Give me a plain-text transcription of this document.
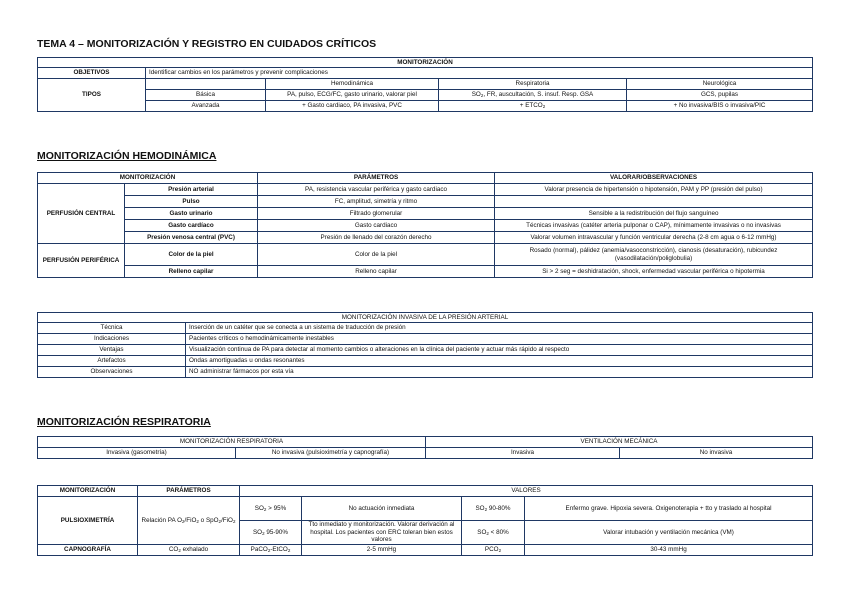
TEMA 4 – MONITORIZACIÓN Y REGISTRO EN CUIDADOS CRÍTICOS
MONITORIZACIÓN				
OBJETIVOS	Identificar cambios en los parámetros y prevenir complicaciones			
TIPOS		Hemodinámica	Respiratoria	Neurológica
	Básica	PA, pulso, ECG/FC, gasto urinario, valorar piel	$SO_2$, FR, auscultación, S. insuf. Resp. GSA	GCS, pupilas
	Avanzada	+ Gasto cardiaco, PA invasiva, PVC	+ $ETCO_2$	+ No invasiva/BIS o invasiva/PIC
MONITORIZACIÓN HEMODINÁMICA
MONITORIZACIÓN		PARÁMETROS	VALORAR/OBSERVACIONES
PERFUSIÓN CENTRAL	Presión arterial	PA, resistencia vascular periférica y gasto cardiaco	Valorar presencia de hipertensión o hipotensión, PAM y PP (presión del pulso)
	Pulso	FC, amplitud, simetría y ritmo	
	Gasto urinario	Filtrado glomerular	Sensible a la redistribución del flujo sanguíneo
	Gasto cardíaco	Gasto cardiaco	Técnicas invasivas (catéter arteria pulponar o CAP), mínimamente invasivas o no invasivas
	Presión venosa central (PVC)	Presión de llenado del corazón derecho	Valorar volumen intravascular y función ventricular derecha (2-8 cm agua o 6-12 mmHg)
PERFUSIÓN PERIFÉRICA	Color de la piel	Color de la piel	Rosado (normal), pálidez (anemia/vasoconstricción), cianosis (desaturación), rubicundez (vasodilatación/poliglobulia)
	Relleno capilar	Relleno capilar	Si > 2 seg = deshidratación, shock, enfermedad vascular periférica o hipotermia
MONITORIZACIÓN INVASIVA DE LA PRESIÓN ARTERIAL	
Técnica	Inserción de un catéter que se conecta a un sistema de traducción de presión
Indicaciones	Pacientes críticos o hemodinámicamente inestables
Ventajas	Visualización continua de PA para detectar al momento cambios o alteraciones en la clínica del paciente y actuar más rápido al respecto
Artefactos	Ondas amortiguadas u ondas resonantes
Observaciones	NO administrar fármacos por esta vía
MONITORIZACIÓN RESPIRATORIA
MONITORIZACIÓN RESPIRATORIA		VENTILACIÓN MECÁNICA	
Invasiva (gasometría)	No invasiva (pulsioximetría y capnografía)	Invasiva	No invasiva
MONITORIZACIÓN	PARÁMETROS	VALORES			
PULSIOXIMETRÍA	Relación PA $O_2/FiO_2$ o SpO$_2$/FiO$_2$	$SO_2 > 95\%$	No actuación inmediata	$SO_2$ 90-80%	Enfermo grave. Hipoxia severa. Oxigenoterapia + tto y traslado al hospital
		$SO_2$ 95-90%	Tto inmediato y monitorización. Valorar derivación al hospital. Los pacientes con ERC toleran bien estos valores	$SO_2 < 80\%$	Valorar intubación y ventilación mecánica (VM)
CAPNOGRAFÍA	$CO_2$ exhalado	PaCO$_2$-EtCO$_2$	2-5 mmHg	$PCO_2$	30-43 mmHg
